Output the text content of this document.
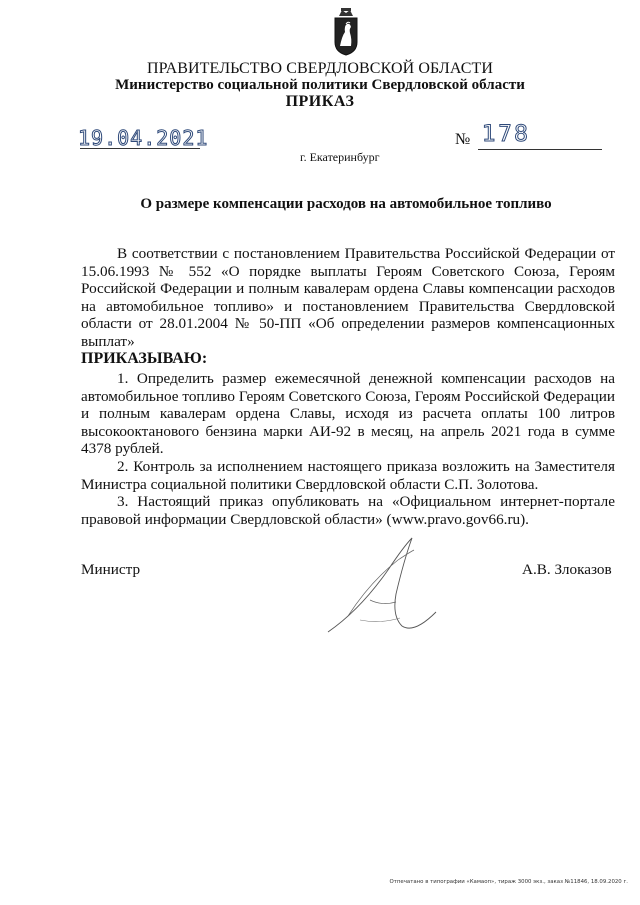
ПРАВИТЕЛЬСТВО СВЕРДЛОВСКОЙ ОБЛАСТИ
Министерство социальной политики Свердловской области
ПРИКАЗ
19.04.2021	№ 178
г. Екатеринбург
О размере компенсации расходов на автомобильное топливо
В соответствии с постановлением Правительства Российской Федерации от 15.06.1993 № 552 «О порядке выплаты Героям Советского Союза, Героям Российской Федерации и полным кавалерам ордена Славы компенсации расходов на автомобильное топливо» и постановлением Правительства Свердловской области от 28.01.2004 № 50-ПП «Об определении размеров компенсационных выплат»
ПРИКАЗЫВАЮ:
1. Определить размер ежемесячной денежной компенсации расходов на автомобильное топливо Героям Советского Союза, Героям Российской Федерации и полным кавалерам ордена Славы, исходя из расчета оплаты 100 литров высокооктанового бензина марки АИ-92 в месяц, на апрель 2021 года в сумме 4378 рублей.
2. Контроль за исполнением настоящего приказа возложить на Заместителя Министра социальной политики Свердловской области С.П. Золотова.
3. Настоящий приказ опубликовать на «Официальном интернет-портале правовой информации Свердловской области» (www.pravo.gov66.ru).
Министр	А.В. Злоказов
Отпечатано в типографии «Камаоп», тираж 3000 экз., заказ №11846, 18.09.2020 г.
